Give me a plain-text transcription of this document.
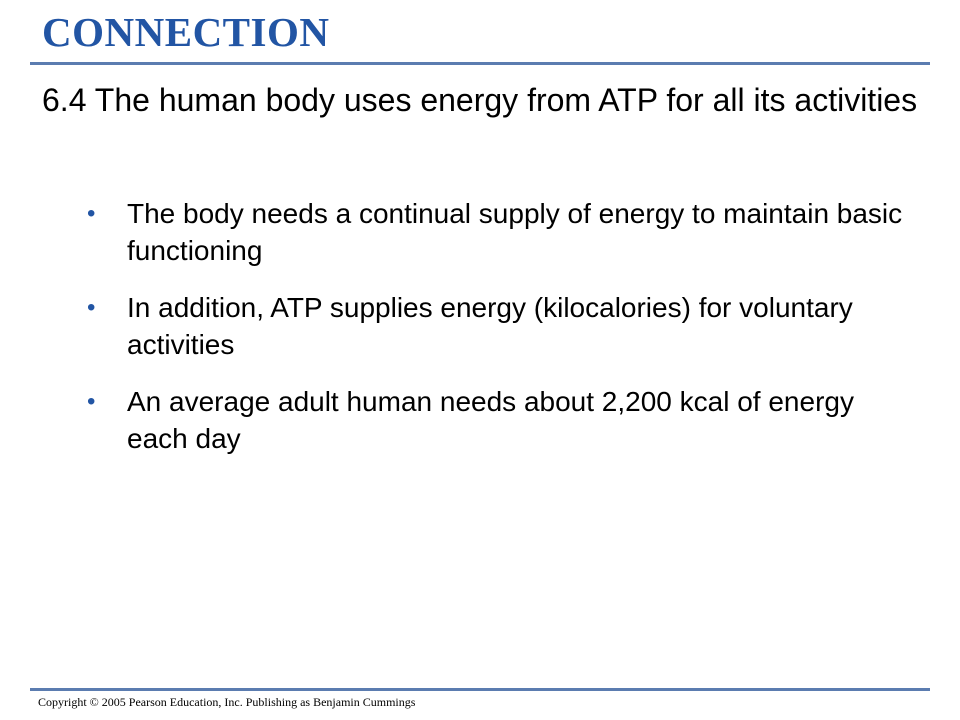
CONNECTION
6.4 The human body uses energy from ATP for all its activities
• The body needs a continual supply of energy to maintain basic functioning
• In addition, ATP supplies energy (kilocalories) for voluntary activities
• An average adult human needs about 2,200 kcal of energy each day

Copyright © 2005 Pearson Education, Inc. Publishing as Benjamin Cummings
